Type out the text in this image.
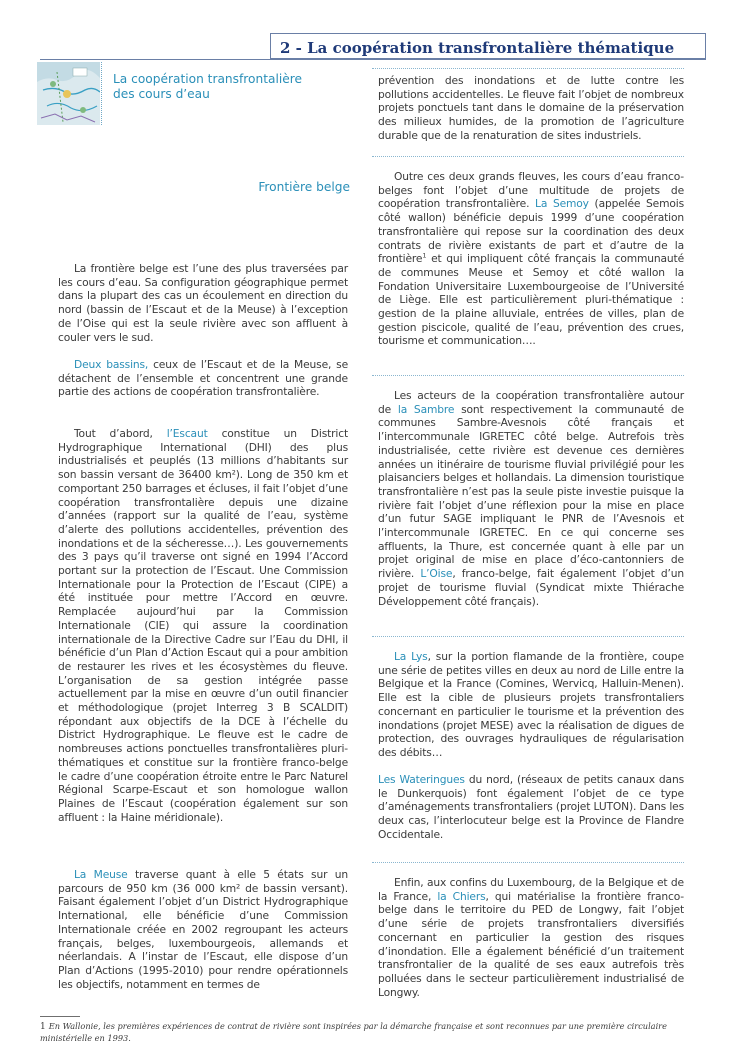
2 - La coopération transfrontalière thématique
La coopération transfrontalière
des cours d’eau
Frontière belge

La frontière belge est l’une des plus traversées par les cours d’eau. Sa configuration géographique permet dans la plupart des cas un écoulement en direction du nord (bassin de l’Escaut et de la Meuse) à l’exception de l’Oise qui est la seule rivière avec son affluent à couler vers le sud.

Deux bassins, ceux de l’Escaut et de la Meuse, se détachent de l’ensemble et concentrent une grande partie des actions de coopération transfrontalière.

Tout d’abord, l’Escaut constitue un District Hydrographique International (DHI) des plus industrialisés et peuplés (13 millions d’habitants sur son bassin versant de 36400 km²). Long de 350 km et comportant 250 barrages et écluses, il fait l’objet d’une coopération transfrontalière depuis une dizaine d’années (rapport sur la qualité de l’eau, système d’alerte des pollutions accidentelles, prévention des inondations et de la sécheresse…). Les gouvernements des 3 pays qu’il traverse ont signé en 1994 l’Accord portant sur la protection de l’Escaut. Une Commission Internationale pour la Protection de l’Escaut (CIPE) a été instituée pour mettre l’Accord en œuvre. Remplacée aujourd’hui par la Commission Internationale (CIE) qui assure la coordination internationale de la Directive Cadre sur l’Eau du DHI, il bénéficie d’un Plan d’Action Escaut qui a pour ambition de restaurer les rives et les écosystèmes du fleuve. L’organisation de sa gestion intégrée passe actuellement par la mise en œuvre d’un outil financier et méthodologique (projet Interreg 3 B SCALDIT) répondant aux objectifs de la DCE à l’échelle du District Hydrographique. Le fleuve est le cadre de nombreuses actions ponctuelles transfrontalières pluri-thématiques et constitue sur la frontière franco-belge le cadre d’une coopération étroite entre le Parc Naturel Régional Scarpe-Escaut et son homologue wallon Plaines de l’Escaut (coopération également sur son affluent : la Haine méridionale).

La Meuse traverse quant à elle 5 états sur un parcours de 950 km (36 000 km² de bassin versant). Faisant également l’objet d’un District Hydrographique International, elle bénéficie d’une Commission Internationale créée en 2002 regroupant les acteurs français, belges, luxembourgeois, allemands et néerlandais. A l’instar de l’Escaut, elle dispose d’un Plan d’Actions (1995-2010) pour rendre opérationnels les objectifs, notamment en termes de

prévention des inondations et de lutte contre les pollutions accidentelles. Le fleuve fait l’objet de nombreux projets ponctuels tant dans le domaine de la préservation des milieux humides, de la promotion de l’agriculture durable que de la renaturation de sites industriels.

Outre ces deux grands fleuves, les cours d’eau franco-belges font l’objet d’une multitude de projets de coopération transfrontalière. La Semoy (appelée Semois côté wallon) bénéficie depuis 1999 d’une coopération transfrontalière qui repose sur la coordination des deux contrats de rivière existants de part et d’autre de la frontière$^1$ et qui impliquent côté français la communauté de communes Meuse et Semoy et côté wallon la Fondation Universitaire Luxembourgeoise de l’Université de Liège. Elle est particulièrement pluri-thématique : gestion de la plaine alluviale, entrées de villes, plan de gestion piscicole, qualité de l’eau, prévention des crues, tourisme et communication….

Les acteurs de la coopération transfrontalière autour de la Sambre sont respectivement la communauté de communes Sambre-Avesnois côté français et l’intercommunale IGRETEC côté belge. Autrefois très industrialisée, cette rivière est devenue ces dernières années un itinéraire de tourisme fluvial privilégié pour les plaisanciers belges et hollandais. La dimension touristique transfrontalière n’est pas la seule piste investie puisque la rivière fait l’objet d’une réflexion pour la mise en place d’un futur SAGE impliquant le PNR de l’Avesnois et l’intercommunale IGRETEC. En ce qui concerne ses affluents, la Thure, est concernée quant à elle par un projet original de mise en place d’éco-cantonniers de rivière. L’Oise, franco-belge, fait également l’objet d’un projet de tourisme fluvial (Syndicat mixte Thiérache Développement côté français).

La Lys, sur la portion flamande de la frontière, coupe une série de petites villes en deux au nord de Lille entre la Belgique et la France (Comines, Wervicq, Halluin-Menen). Elle est la cible de plusieurs projets transfrontaliers concernant en particulier le tourisme et la prévention des inondations (projet MESE) avec la réalisation de digues de protection, des ouvrages hydrauliques de régularisation des débits…

Les Wateringues du nord, (réseaux de petits canaux dans le Dunkerquois) font également l’objet de ce type d’aménagements transfrontaliers (projet LUTON). Dans les deux cas, l’interlocuteur belge est la Province de Flandre Occidentale.

Enfin, aux confins du Luxembourg, de la Belgique et de la France, la Chiers, qui matérialise la frontière franco-belge dans le territoire du PED de Longwy, fait l’objet d’une série de projets transfrontaliers diversifiés concernant en particulier la gestion des risques d’inondation. Elle a également bénéficié d’un traitement transfrontalier de la qualité de ses eaux autrefois très polluées dans le secteur particulièrement industrialisé de Longwy.

1 En Wallonie, les premières expériences de contrat de rivière sont inspirées par la démarche française et sont reconnues par une première circulaire ministérielle en 1993.
